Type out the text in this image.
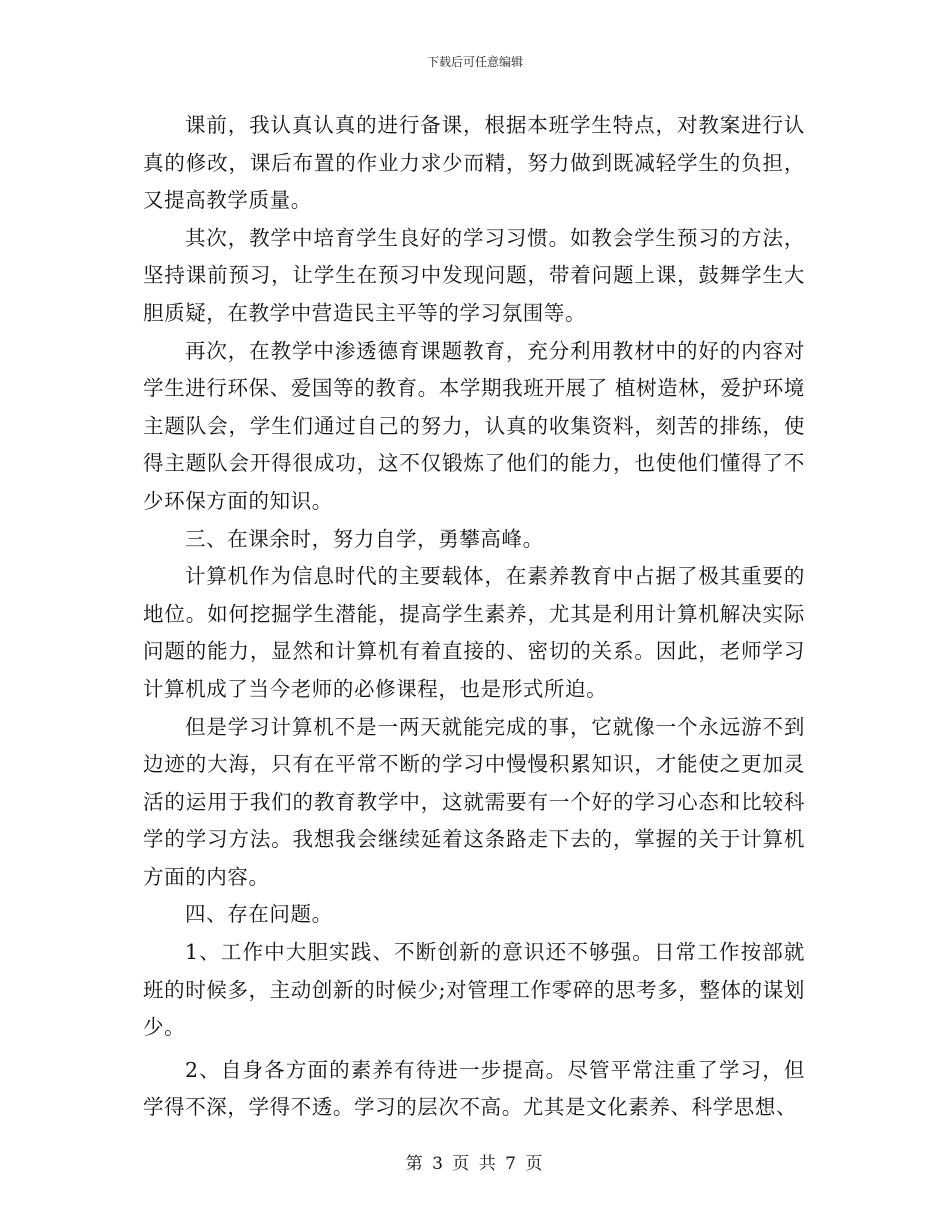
下载后可任意编辑

课前，我认真认真的进行备课，根据本班学生特点，对教案进行认真的修改，课后布置的作业力求少而精，努力做到既减轻学生的负担，又提高教学质量。

其次，教学中培育学生良好的学习习惯。如教会学生预习的方法，坚持课前预习，让学生在预习中发现问题，带着问题上课，鼓舞学生大胆质疑，在教学中营造民主平等的学习氛围等。

再次，在教学中渗透德育课题教育，充分利用教材中的好的内容对学生进行环保、爱国等的教育。本学期我班开展了 植树造林，爱护环境 主题队会，学生们通过自己的努力，认真的收集资料，刻苦的排练，使得主题队会开得很成功，这不仅锻炼了他们的能力，也使他们懂得了不少环保方面的知识。

三、在课余时，努力自学，勇攀高峰。

计算机作为信息时代的主要载体，在素养教育中占据了极其重要的地位。如何挖掘学生潜能，提高学生素养，尤其是利用计算机解决实际问题的能力，显然和计算机有着直接的、密切的关系。因此，老师学习计算机成了当今老师的必修课程，也是形式所迫。

但是学习计算机不是一两天就能完成的事，它就像一个永远游不到边迹的大海，只有在平常不断的学习中慢慢积累知识，才能使之更加灵活的运用于我们的教育教学中，这就需要有一个好的学习心态和比较科学的学习方法。我想我会继续延着这条路走下去的，掌握的关于计算机方面的内容。

四、存在问题。

1、工作中大胆实践、不断创新的意识还不够强。日常工作按部就班的时候多，主动创新的时候少;对管理工作零碎的思考多，整体的谋划少。

2、自身各方面的素养有待进一步提高。尽管平常注重了学习，但学得不深，学得不透。学习的层次不高。尤其是文化素养、科学思想、

第 3 页 共 7 页
